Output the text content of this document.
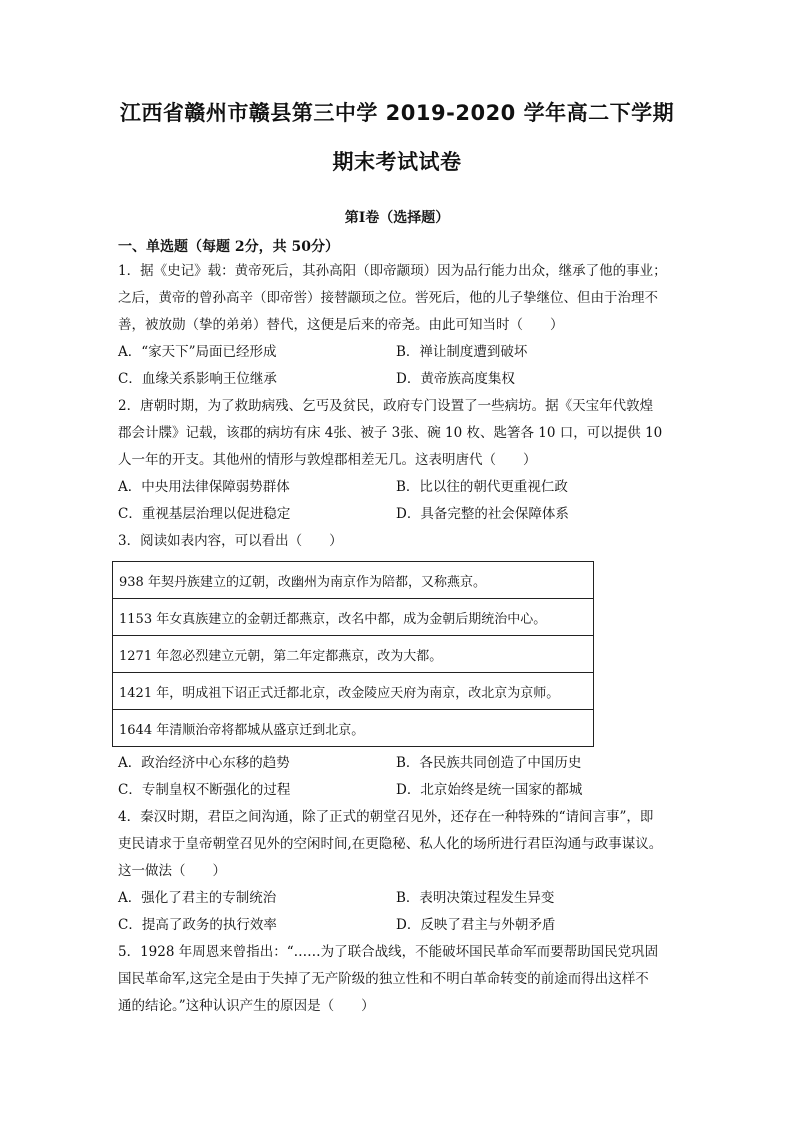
江西省赣州市赣县第三中学 2019-2020 学年高二下学期
期末考试试卷
第Ⅰ卷（选择题）
一、单选题（每题 2分，共 50分）
1．据《史记》载：黄帝死后，其孙高阳（即帝颛顼）因为品行能力出众，继承了他的事业；
之后，黄帝的曾孙高辛（即帝喾）接替颛顼之位。喾死后，他的儿子挚继位、但由于治理不
善，被放勋（挚的弟弟）替代，这便是后来的帝尧。由此可知当时（　　）
A．“家天下”局面已经形成	B．禅让制度遭到破坏
C．血缘关系影响王位继承	D．黄帝族高度集权
2．唐朝时期，为了救助病残、乞丐及贫民，政府专门设置了一些病坊。据《天宝年代敦煌
郡会计牒》记载，该郡的病坊有床 4张、被子 3张、碗 10 枚、匙箸各 10 口，可以提供 10
人一年的开支。其他州的情形与敦煌郡相差无几。这表明唐代（　　）
A．中央用法律保障弱势群体	B．比以往的朝代更重视仁政
C．重视基层治理以促进稳定	D．具备完整的社会保障体系
3．阅读如表内容，可以看出（　　）
938 年契丹族建立的辽朝，改幽州为南京作为陪都，又称燕京。
1153 年女真族建立的金朝迁都燕京，改名中都，成为金朝后期统治中心。
1271 年忽必烈建立元朝，第二年定都燕京，改为大都。
1421 年，明成祖下诏正式迁都北京，改金陵应天府为南京，改北京为京师。
1644 年清顺治帝将都城从盛京迁到北京。
A．政治经济中心东移的趋势	B．各民族共同创造了中国历史
C．专制皇权不断强化的过程	D．北京始终是统一国家的都城
4．秦汉时期，君臣之间沟通，除了正式的朝堂召见外，还存在一种特殊的“请间言事”，即
吏民请求于皇帝朝堂召见外的空闲时间,在更隐秘、私人化的场所进行君臣沟通与政事谋议。
这一做法（　　）
A．强化了君主的专制统治	B．表明决策过程发生异变
C．提高了政务的执行效率	D．反映了君主与外朝矛盾
5．1928 年周恩来曾指出：“……为了联合战线，不能破坏国民革命军而要帮助国民党巩固
国民革命军,这完全是由于失掉了无产阶级的独立性和不明白革命转变的前途而得出这样不
通的结论。”这种认识产生的原因是（　　）
